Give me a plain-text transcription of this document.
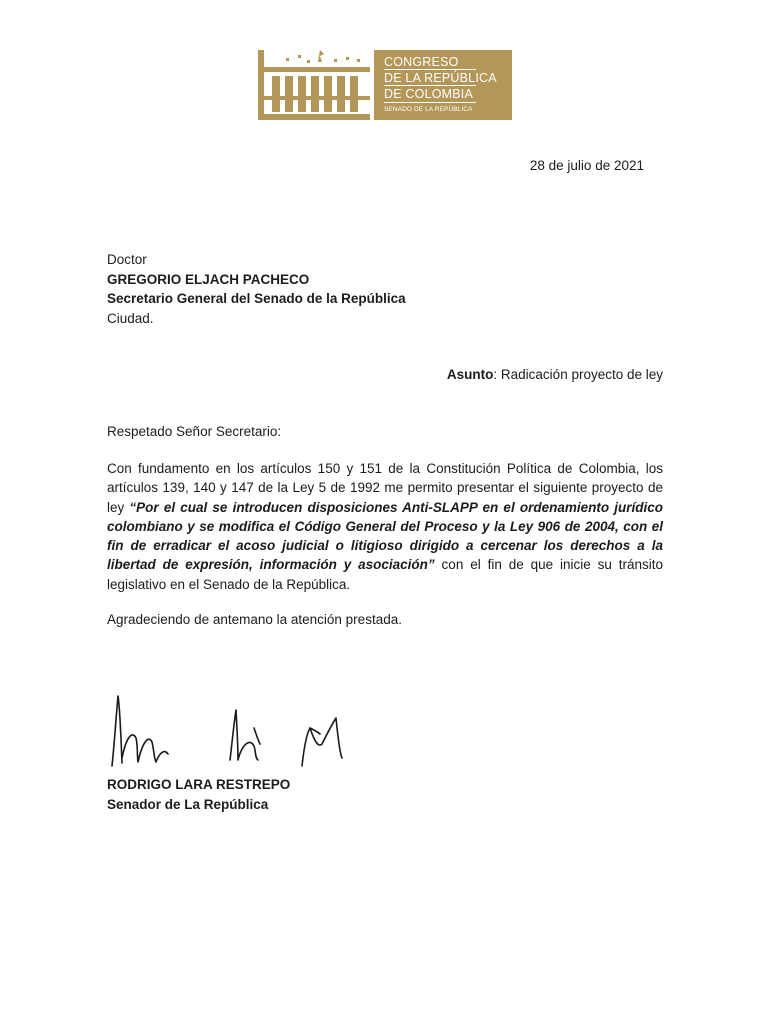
CONGRESO
DE LA REPÚBLICA
DE COLOMBIA
SENADO DE LA REPÚBLICA
28 de julio de 2021
Doctor
GREGORIO ELJACH PACHECO
Secretario General del Senado de la República
Ciudad.
Asunto: Radicación proyecto de ley
Respetado Señor Secretario:
Con fundamento en los artículos 150 y 151 de la Constitución Política de Colombia, los artículos 139, 140 y 147 de la Ley 5 de 1992 me permito presentar el siguiente proyecto de ley “Por el cual se introducen disposiciones Anti-SLAPP en el ordenamiento jurídico colombiano y se modifica el Código General del Proceso y la Ley 906 de 2004, con el fin de erradicar el acoso judicial o litigioso dirigido a cercenar los derechos a la libertad de expresión, información y asociación” con el fin de que inicie su tránsito legislativo en el Senado de la República.
Agradeciendo de antemano la atención prestada.
RODRIGO LARA RESTREPO
Senador de La República
